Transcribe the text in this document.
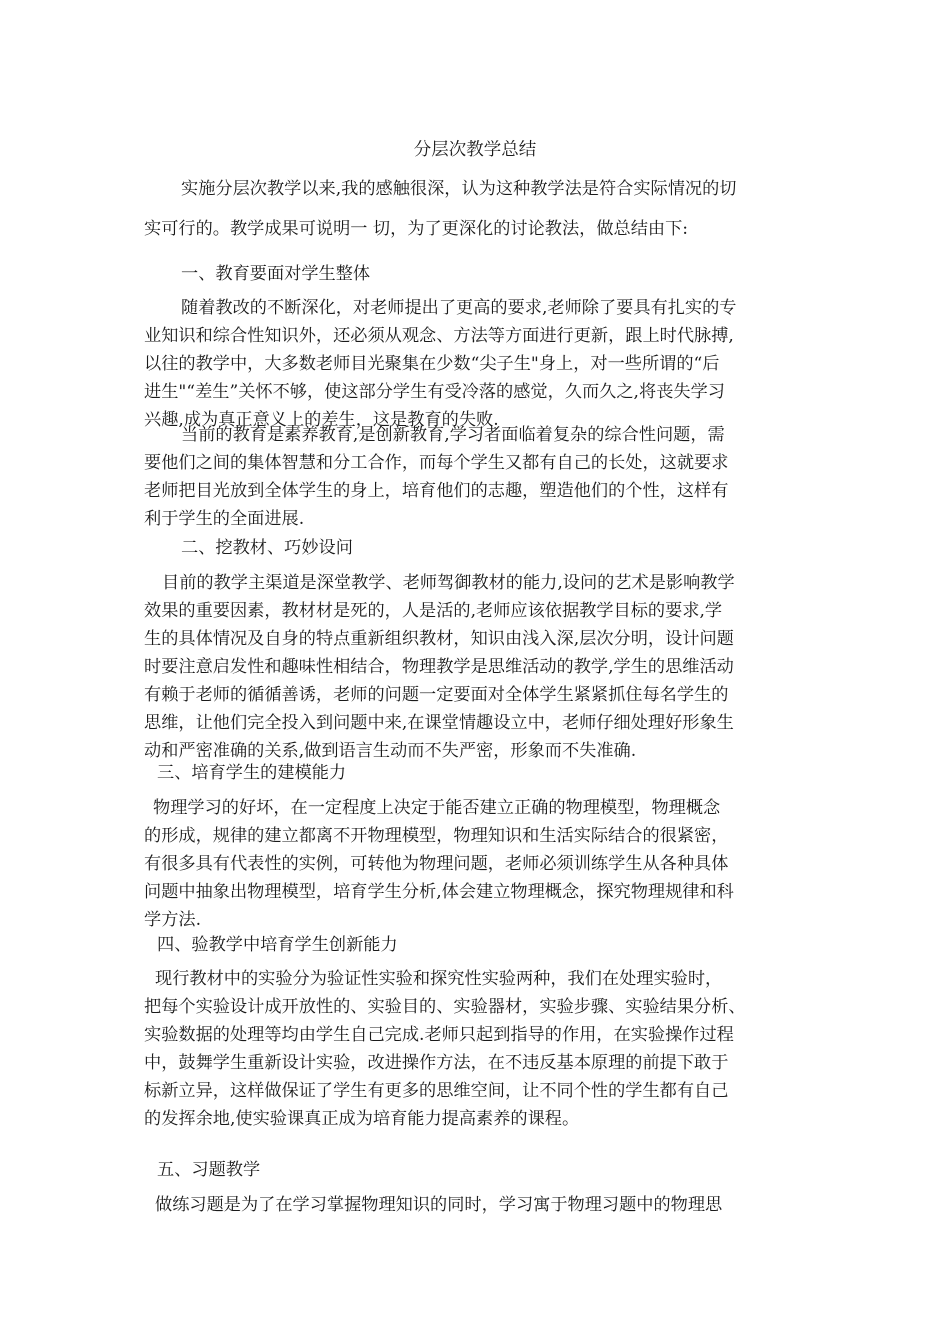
分层次教学总结
实施分层次教学以来,我的感触很深，认为这种教学法是符合实际情况的切
实可行的。教学成果可说明一 切，为了更深化的讨论教法，做总结由下:
一、教育要面对学生整体
随着教改的不断深化，对老师提出了更高的要求,老师除了要具有扎实的专
业知识和综合性知识外，还必须从观念、方法等方面进行更新，跟上时代脉搏,
以往的教学中，大多数老师目光聚集在少数“尖子生"身上，对一些所谓的“后
进生"“差生”关怀不够，使这部分学生有受冷落的感觉，久而久之,将丧失学习
兴趣,成为真正意义上的差生，这是教育的失败.
当前的教育是素养教育,是创新教育,学习者面临着复杂的综合性问题，需
要他们之间的集体智慧和分工合作，而每个学生又都有自己的长处，这就要求
老师把目光放到全体学生的身上，培育他们的志趣，塑造他们的个性，这样有
利于学生的全面进展.
二、挖教材、巧妙设问
目前的教学主渠道是深堂教学、老师驾御教材的能力,设问的艺术是影响教学
效果的重要因素，教材材是死的，人是活的,老师应该依据教学目标的要求,学
生的具体情况及自身的特点重新组织教材，知识由浅入深,层次分明，设计问题
时要注意启发性和趣味性相结合，物理教学是思维活动的教学,学生的思维活动
有赖于老师的循循善诱，老师的问题一定要面对全体学生紧紧抓住每名学生的
思维，让他们完全投入到问题中来,在课堂情趣设立中，老师仔细处理好形象生
动和严密准确的关系,做到语言生动而不失严密，形象而不失准确.
三、培育学生的建模能力
物理学习的好坏，在一定程度上决定于能否建立正确的物理模型，物理概念
的形成，规律的建立都离不开物理模型，物理知识和生活实际结合的很紧密，
有很多具有代表性的实例，可转他为物理问题，老师必须训练学生从各种具体
问题中抽象出物理模型，培育学生分析,体会建立物理概念，探究物理规律和科
学方法.
四、验教学中培育学生创新能力
现行教材中的实验分为验证性实验和探究性实验两种，我们在处理实验时，
把每个实验设计成开放性的、实验目的、实验器材，实验步骤、实验结果分析、
实验数据的处理等均由学生自己完成.老师只起到指导的作用，在实验操作过程
中，鼓舞学生重新设计实验，改进操作方法，在不违反基本原理的前提下敢于
标新立异，这样做保证了学生有更多的思维空间，让不同个性的学生都有自己
的发挥余地,使实验课真正成为培育能力提高素养的课程。
五、习题教学
做练习题是为了在学习掌握物理知识的同时，学习寓于物理习题中的物理思
